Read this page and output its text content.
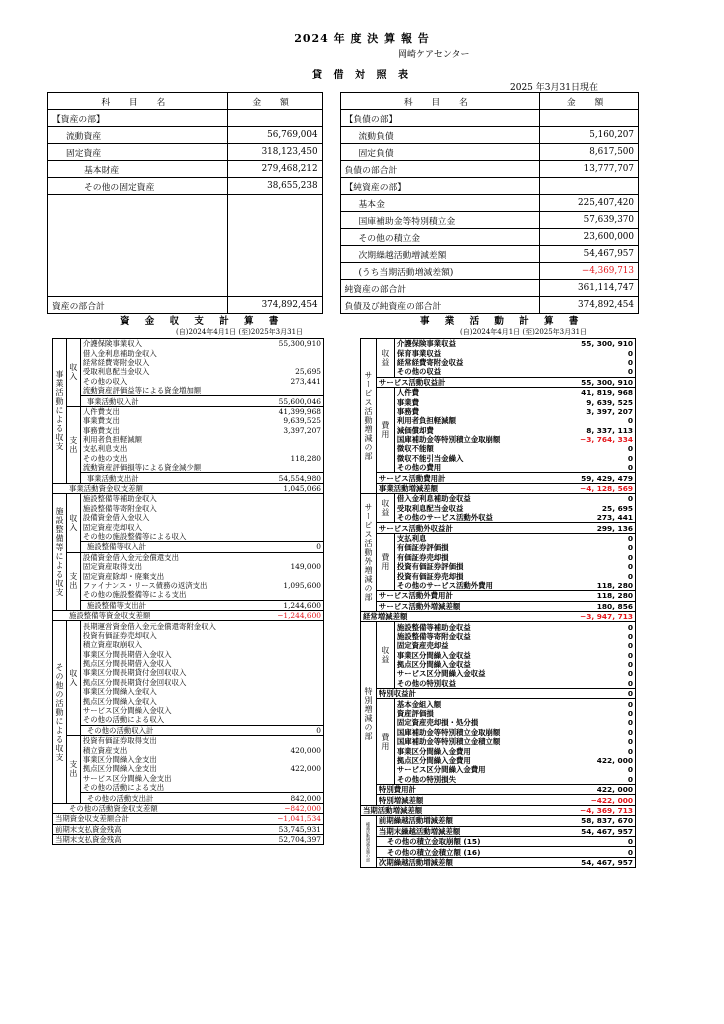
2024 年 度 決 算 報 告
岡崎ケアセンター
貸 借 対 照 表
2025 年3月31日現在
科 目 名	金 額		科 目 名	金 額
【資産の部】			【負債の部】	
流動資産	56,769,004		流動負債	5,160,207
固定資産	318,123,450		固定負債	8,617,500
基本財産	279,468,212		負債の部合計	13,777,707
その他の固定資産	38,655,238		【純資産の部】	
			基本金	225,407,420
			国庫補助金等特別積立金	57,639,370
			その他の積立金	23,600,000
			次期繰越活動増減差額	54,467,957
			(うち当期活動増減差額)	−4,369,713
			純資産の部合計	361,114,747
資産の部合計	374,892,454		負債及び純資産の部合計	374,892,454
資 金 収 支 計 算 書
(自)2024年4月1日 (至)2025年3月31日
事 業 活 動 計 算 書
(自)2024年4月1日 (至)2025年3月31日
事業活動による収支	収入	介護保険事業収入	55,300,910
		借入金利息補助金収入	
		経常経費寄附金収入	
		受取利息配当金収入	25,695
		その他の収入	273,441
		流動資産評価益等による資金増加額	
		事業活動収入計	55,600,046
	支出	人件費支出	41,399,968
		事業費支出	9,639,525
		事務費支出	3,397,207
		利用者負担軽減額	
		支払利息支出	
		その他の支出	118,280
		流動資産評価損等による資金減少額	
		事業活動支出計	54,554,980
事業活動資金収支差額			1,045,066
施設整備等による収支	収入	施設整備等補助金収入	
		施設整備等寄附金収入	
		設備資金借入金収入	
		固定資産売却収入	
		その他の施設整備等による収入	
		施設整備等収入計	0
	支出	設備資金借入金元金償還支出	
		固定資産取得支出	149,000
		固定資産除却・廃棄支出	
		ファイナンス・リース債務の返済支出	1,095,600
		その他の施設整備等による支出	
		施設整備等支出計	1,244,600
施設整備等資金収支差額			−1,244,600
その他の活動による収支	収入	長期運営資金借入金元金償還寄附金収入	
		投資有価証券売却収入	
		積立資産取崩収入	
		事業区分間長期借入金収入	
		拠点区分間長期借入金収入	
		事業区分間長期貸付金回収収入	
		拠点区分間長期貸付金回収収入	
		事業区分間繰入金収入	
		拠点区分間繰入金収入	
		サービス区分間繰入金収入	
		その他の活動による収入	
		その他の活動収入計	0
	支出	投資有価証券取得支出	
		積立資産支出	420,000
		事業区分間繰入金支出	
		拠点区分間繰入金支出	422,000
		サービス区分間繰入金支出	
		その他の活動による支出	
		その他の活動支出計	842,000
その他の活動資金収支差額			−842,000
当期資金収支差額合計			−1,041,534
前期末支払資金残高			53,745,931
当期末支払資金残高			52,704,397
サービス活動増減の部	収益	介護保険事業収益	55, 300, 910
		保育事業収益	0
		経常経費寄附金収益	0
		その他の収益	0
	サービス活動収益計		55, 300, 910
	費用	人件費	41, 819, 968
		事業費	9, 639, 525
		事務費	3, 397, 207
		利用者負担軽減額	0
		減価償却費	8, 337, 113
		国庫補助金等特別積立金取崩額	−3, 764, 334
		徴収不能額	0
		徴収不能引当金繰入	0
		その他の費用	0
	サービス活動費用計		59, 429, 479
	事業活動増減差額		−4, 128, 569
サービス活動外増減の部	収益	借入金利息補助金収益	0
		受取利息配当金収益	25, 695
		その他のサービス活動外収益	273, 441
	サービス活動外収益計		299, 136
	費用	支払利息	0
		有価証券評価損	0
		有価証券売却損	0
		投資有価証券評価損	0
		投資有価証券売却損	0
		その他のサービス活動外費用	118, 280
	サービス活動外費用計		118, 280
	サービス活動外増減差額		180, 856
経常増減差額			−3, 947, 713
特別増減の部	収益	施設整備等補助金収益	0
		施設整備等寄附金収益	0
		固定資産売却益	0
		事業区分間繰入金収益	0
		拠点区分間繰入金収益	0
		サービス区分間繰入金収益	0
		その他の特別収益	0
	特別収益計		0
	費用	基本金組入額	0
		資産評価損	0
		固定資産売却損・処分損	0
		国庫補助金等特別積立金取崩額	0
		国庫補助金等特別積立金積立額	0
		事業区分間繰入金費用	0
		拠点区分間繰入金費用	422, 000
		サービス区分間繰入金費用	0
		その他の特別損失	0
	特別費用計		422, 000
	特別増減差額		−422, 000
当期活動増減差額			−4, 369, 713
繰越活動増減差額の部	前期繰越活動増減差額		58, 837, 670
	当期末繰越活動増減差額		54, 467, 957
	その他の積立金取崩額 (15)		0
	その他の積立金積立額 (16)		0
	次期繰越活動増減差額		54, 467, 957
